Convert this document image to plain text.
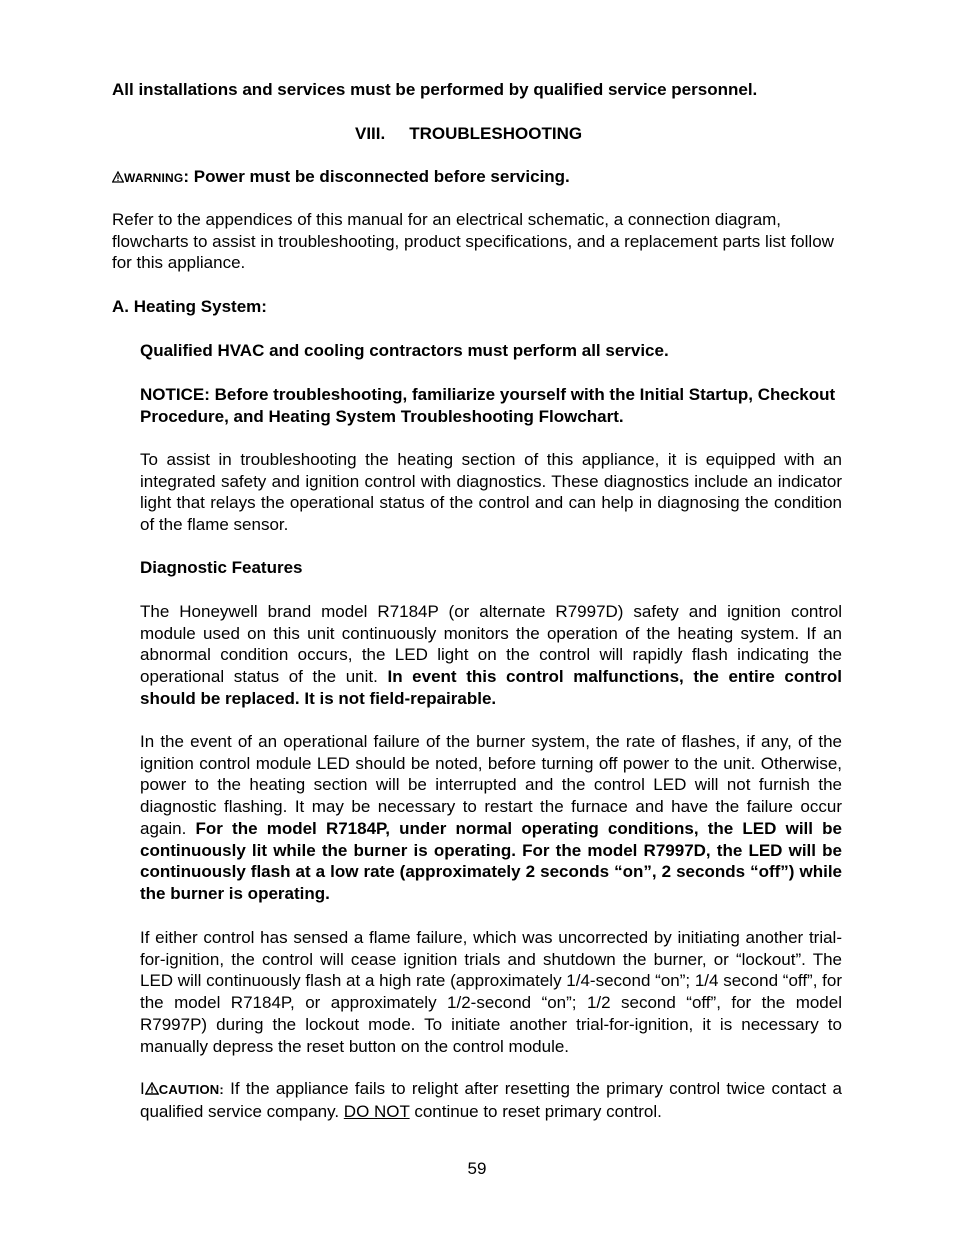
All installations and services must be performed by qualified service personnel.
VIII. TROUBLESHOOTING
WARNING: Power must be disconnected before servicing.
Refer to the appendices of this manual for an electrical schematic, a connection diagram, flowcharts to assist in troubleshooting, product specifications, and a replacement parts list follow for this appliance.
A. Heating System:
Qualified HVAC and cooling contractors must perform all service.
NOTICE: Before troubleshooting, familiarize yourself with the Initial Startup, Checkout Procedure, and Heating System Troubleshooting Flowchart.
To assist in troubleshooting the heating section of this appliance, it is equipped with an integrated safety and ignition control with diagnostics. These diagnostics include an indicator light that relays the operational status of the control and can help in diagnosing the condition of the flame sensor.
Diagnostic Features
The Honeywell brand model R7184P (or alternate R7997D) safety and ignition control module used on this unit continuously monitors the operation of the heating system. If an abnormal condition occurs, the LED light on the control will rapidly flash indicating the operational status of the unit. In event this control malfunctions, the entire control should be replaced. It is not field-repairable.
In the event of an operational failure of the burner system, the rate of flashes, if any, of the ignition control module LED should be noted, before turning off power to the unit. Otherwise, power to the heating section will be interrupted and the control LED will not furnish the diagnostic flashing. It may be necessary to restart the furnace and have the failure occur again. For the model R7184P, under normal operating conditions, the LED will be continuously lit while the burner is operating. For the model R7997D, the LED will be continuously flash at a low rate (approximately 2 seconds “on”, 2 seconds “off”) while the burner is operating.
If either control has sensed a flame failure, which was uncorrected by initiating another trial-for-ignition, the control will cease ignition trials and shutdown the burner, or “lockout”. The LED will continuously flash at a high rate (approximately 1/4-second “on”; 1/4 second “off”, for the model R7184P, or approximately 1/2-second “on”; 1/2 second “off”, for the model R7997P) during the lockout mode. To initiate another trial-for-ignition, it is necessary to manually depress the reset button on the control module.
I CAUTION: If the appliance fails to relight after resetting the primary control twice contact a qualified service company. DO NOT continue to reset primary control.
59
